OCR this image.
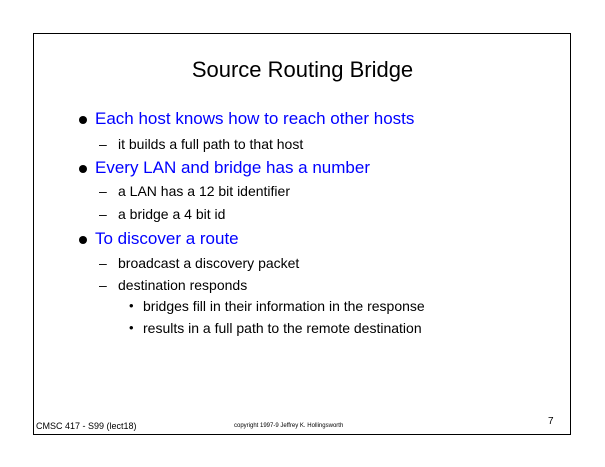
Source Routing Bridge
Each host knows how to reach other hosts
– it builds a full path to that host
Every LAN and bridge has a number
– a LAN has a 12 bit identifier
– a bridge a 4 bit id
To discover a route
– broadcast a discovery packet
– destination responds
• bridges fill in their information in the response
• results in a full path to the remote destination
CMSC 417 - S99 (lect18)	copyright 1997-9 Jeffrey K. Hollingsworth	7
